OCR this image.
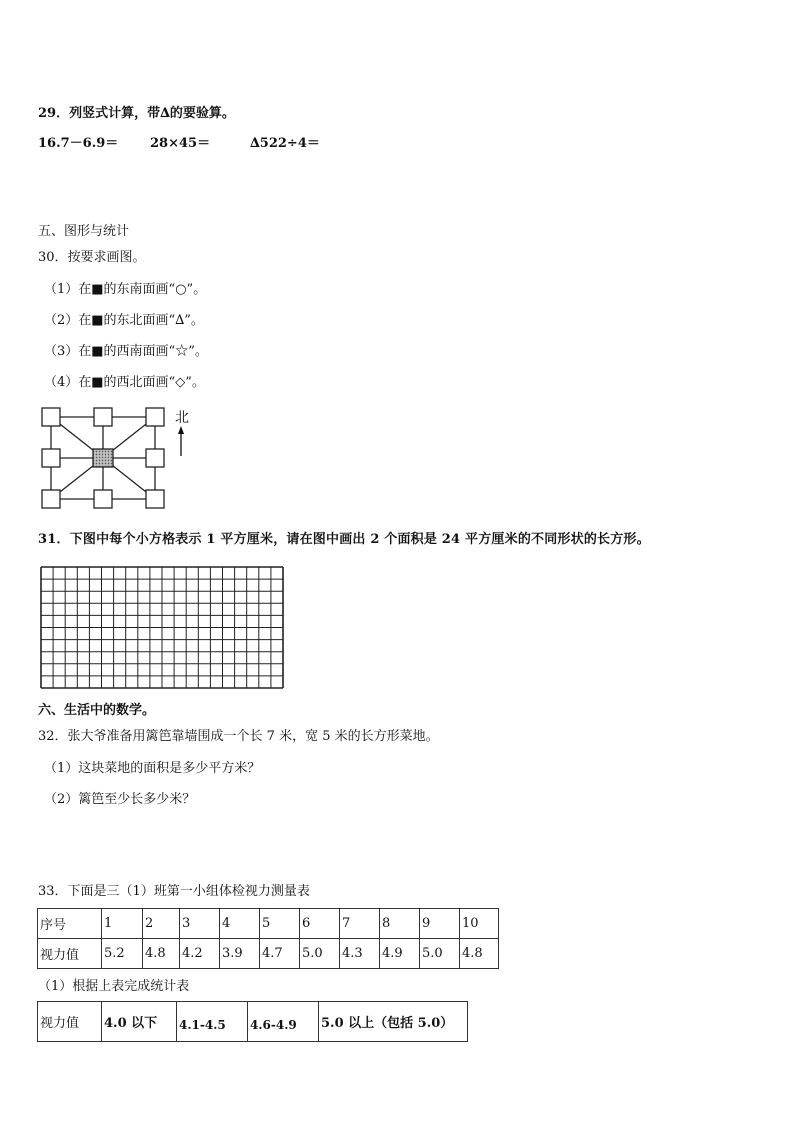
29．列竖式计算，带∆的要验算。
16.7－6.9＝ 28×45＝	∆522÷4＝
五、图形与统计
30．按要求画图。
（1）在■的东南面画“○”。
（2）在■的东北面画“∆”。
（3）在■的西南面画“☆”。
（4）在■的西北面画“◇”。
北
31．下图中每个小方格表示 1 平方厘米，请在图中画出 2 个面积是 24 平方厘米的不同形状的长方形。
六、生活中的数学。
32．张大爷准备用篱笆靠墙围成一个长 7 米，宽 5 米的长方形菜地。
（1）这块菜地的面积是多少平方米？
（2）篱笆至少长多少米？
33．下面是三（1）班第一小组体检视力测量表
序号	1	2	3	4	5	6	7	8	9	10
视力值	5.2	4.8	4.2	3.9	4.7	5.0	4.3	4.9	5.0	4.8
（1）根据上表完成统计表
视力值	4.0 以下	4.1-4.5	4.6-4.9	5.0 以上（包括 5.0）
